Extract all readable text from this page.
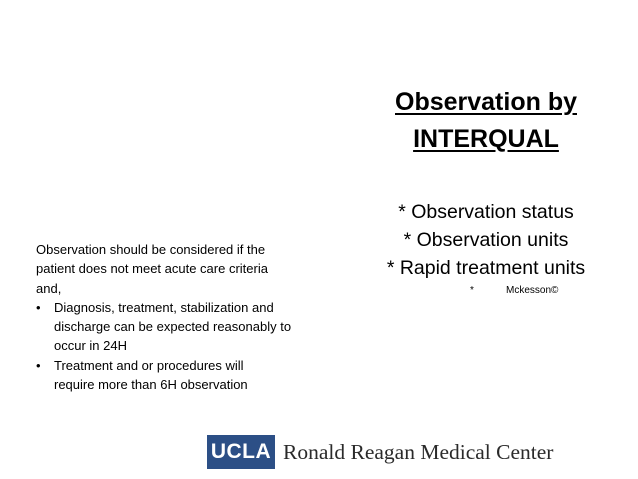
Observation by
INTERQUAL
* Observation status
* Observation units
* Rapid treatment units
*	Mckesson©
Observation should be considered if the
patient does not meet acute care criteria
and,
• Diagnosis, treatment, stabilization and
discharge can be expected reasonably to
occur in 24H
• Treatment and or procedures will
require more than 6H observation
UCLA Ronald Reagan Medical Center
